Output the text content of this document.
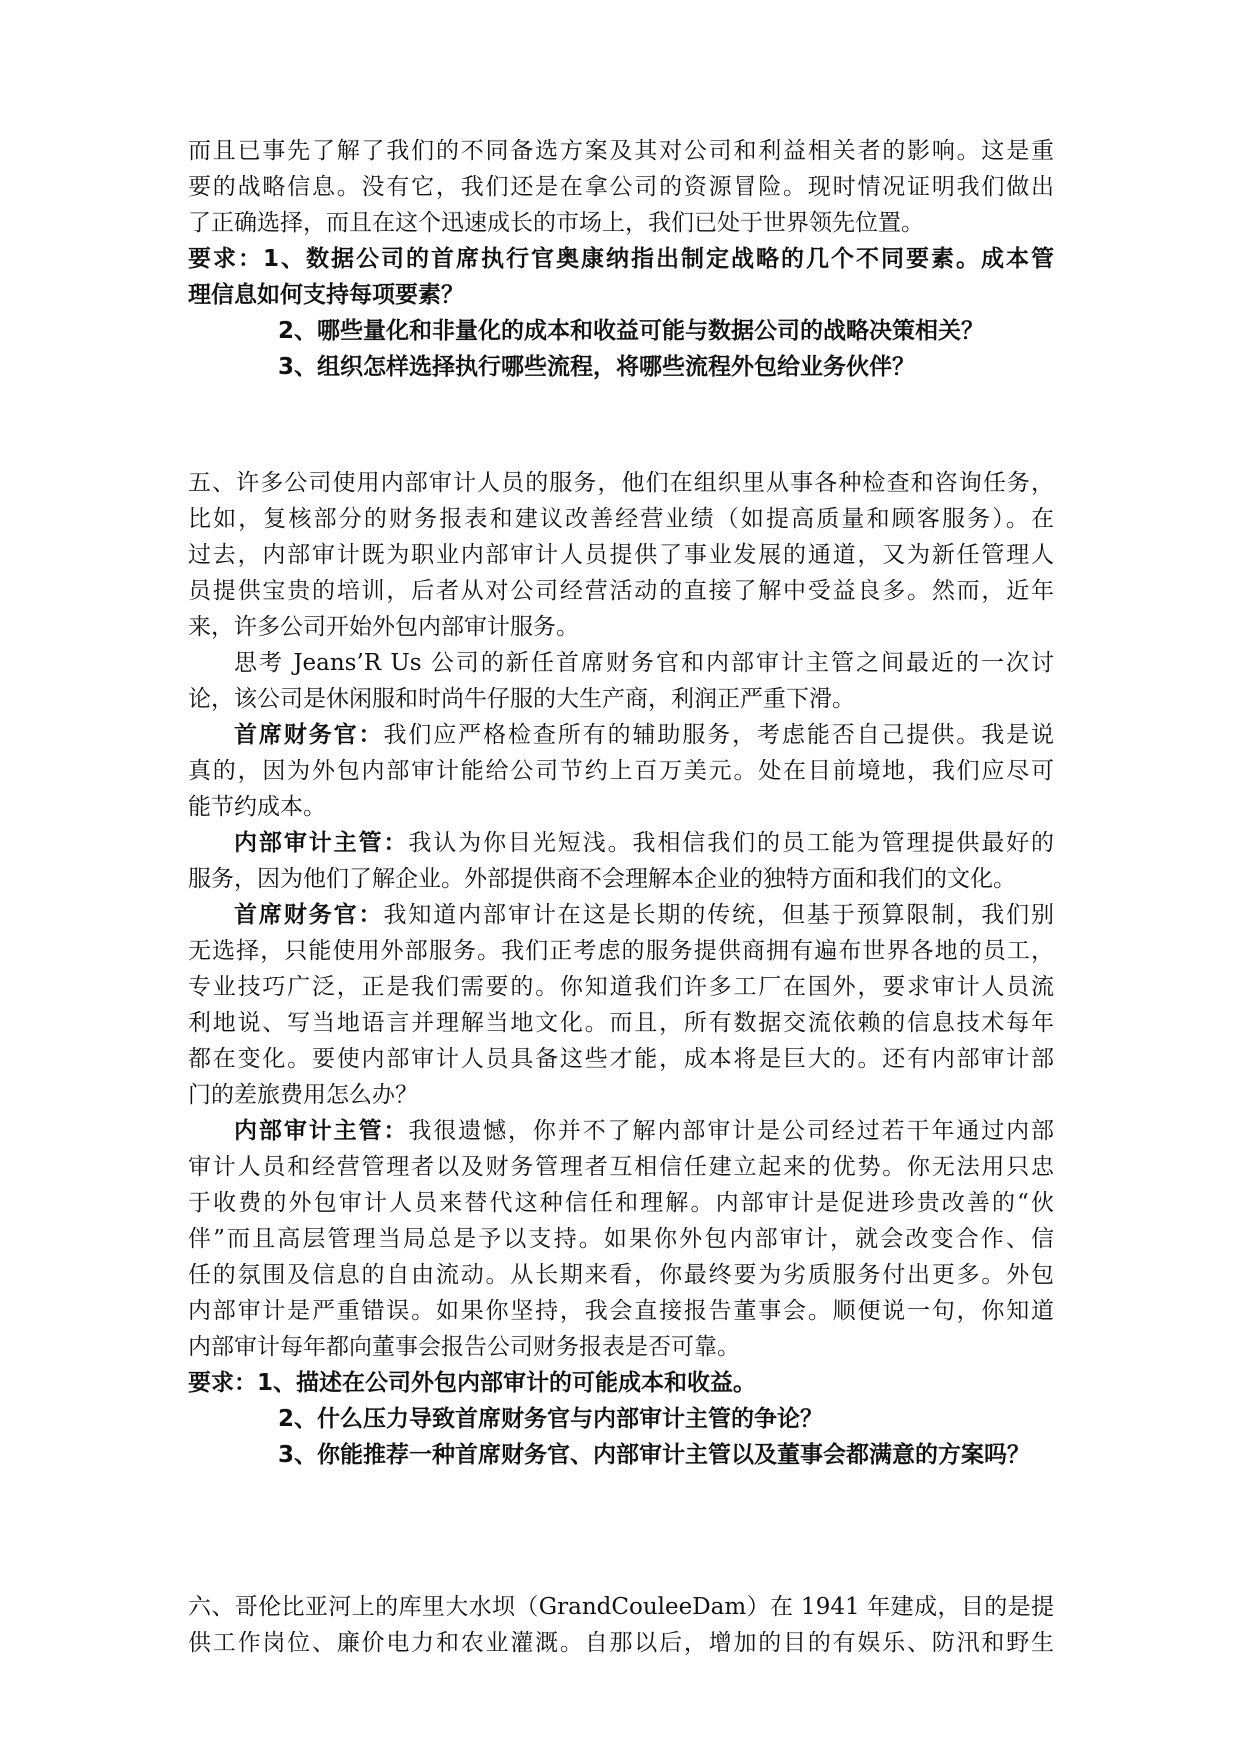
而且已事先了解了我们的不同备选方案及其对公司和利益相关者的影响。这是重
要的战略信息。没有它，我们还是在拿公司的资源冒险。现时情况证明我们做出
了正确选择，而且在这个迅速成长的市场上，我们已处于世界领先位置。
要求：1、数据公司的首席执行官奥康纳指出制定战略的几个不同要素。成本管
理信息如何支持每项要素？
2、哪些量化和非量化的成本和收益可能与数据公司的战略决策相关？
3、组织怎样选择执行哪些流程，将哪些流程外包给业务伙伴？
五、许多公司使用内部审计人员的服务，他们在组织里从事各种检查和咨询任务，
比如，复核部分的财务报表和建议改善经营业绩（如提高质量和顾客服务）。在
过去，内部审计既为职业内部审计人员提供了事业发展的通道，又为新任管理人
员提供宝贵的培训，后者从对公司经营活动的直接了解中受益良多。然而，近年
来，许多公司开始外包内部审计服务。
思考 Jeans’R Us 公司的新任首席财务官和内部审计主管之间最近的一次讨
论，该公司是休闲服和时尚牛仔服的大生产商，利润正严重下滑。
首席财务官：我们应严格检查所有的辅助服务，考虑能否自己提供。我是说
真的，因为外包内部审计能给公司节约上百万美元。处在目前境地，我们应尽可
能节约成本。
内部审计主管：我认为你目光短浅。我相信我们的员工能为管理提供最好的
服务，因为他们了解企业。外部提供商不会理解本企业的独特方面和我们的文化。
首席财务官：我知道内部审计在这是长期的传统，但基于预算限制，我们别
无选择，只能使用外部服务。我们正考虑的服务提供商拥有遍布世界各地的员工，
专业技巧广泛，正是我们需要的。你知道我们许多工厂在国外，要求审计人员流
利地说、写当地语言并理解当地文化。而且，所有数据交流依赖的信息技术每年
都在变化。要使内部审计人员具备这些才能，成本将是巨大的。还有内部审计部
门的差旅费用怎么办？
内部审计主管：我很遗憾，你并不了解内部审计是公司经过若干年通过内部
审计人员和经营管理者以及财务管理者互相信任建立起来的优势。你无法用只忠
于收费的外包审计人员来替代这种信任和理解。内部审计是促进珍贵改善的“伙
伴”而且高层管理当局总是予以支持。如果你外包内部审计，就会改变合作、信
任的氛围及信息的自由流动。从长期来看，你最终要为劣质服务付出更多。外包
内部审计是严重错误。如果你坚持，我会直接报告董事会。顺便说一句，你知道
内部审计每年都向董事会报告公司财务报表是否可靠。
要求：1、描述在公司外包内部审计的可能成本和收益。
2、什么压力导致首席财务官与内部审计主管的争论？
3、你能推荐一种首席财务官、内部审计主管以及董事会都满意的方案吗？
六、哥伦比亚河上的库里大水坝（GrandCouleeDam）在 1941 年建成，目的是提
供工作岗位、廉价电力和农业灌溉。自那以后，增加的目的有娱乐、防汛和野生
